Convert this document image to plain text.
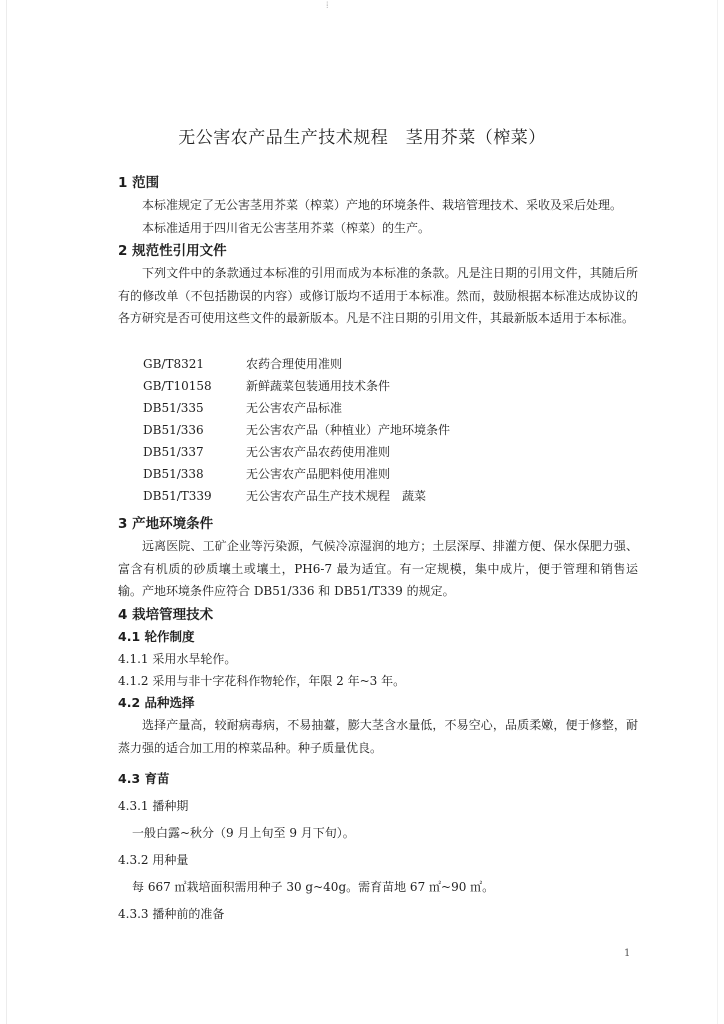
⁞
无公害农产品生产技术规程　茎用芥菜（榨菜）
1 范围

本标准规定了无公害茎用芥菜（榨菜）产地的环境条件、栽培管理技术、采收及采后处理。

本标准适用于四川省无公害茎用芥菜（榨菜）的生产。

2 规范性引用文件

下列文件中的条款通过本标准的引用而成为本标准的条款。凡是注日期的引用文件，其随后所有的修改单（不包括勘误的内容）或修订版均不适用于本标准。然而，鼓励根据本标准达成协议的各方研究是否可使用这些文件的最新版本。凡是不注日期的引用文件，其最新版本适用于本标准。

GB/T8321	农药合理使用准则
GB/T10158	新鲜蔬菜包装通用技术条件
DB51/335	无公害农产品标准
DB51/336	无公害农产品（种植业）产地环境条件
DB51/337	无公害农产品农药使用准则
DB51/338	无公害农产品肥料使用准则
DB51/T339	无公害农产品生产技术规程　蔬菜
3 产地环境条件

远离医院、工矿企业等污染源，气候冷凉湿润的地方；土层深厚、排灌方便、保水保肥力强、富含有机质的砂质壤土或壤土，PH6-7 最为适宜。有一定规模，集中成片，便于管理和销售运输。产地环境条件应符合 DB51/336 和 DB51/T339 的规定。

4 栽培管理技术
4.1 轮作制度
4.1.1 采用水旱轮作。
4.1.2 采用与非十字花科作物轮作，年限 2 年~3 年。
4.2 品种选择

选择产量高，较耐病毒病，不易抽薹，膨大茎含水量低，不易空心，品质柔嫩，便于修整，耐蒸力强的适合加工用的榨菜品种。种子质量优良。

4.3 育苗
4.3.1 播种期
一般白露~秋分（9 月上旬至 9 月下旬）。
4.3.2 用种量
每 667 ㎡栽培面积需用种子 30 g~40g。需育苗地 67 ㎡~90 ㎡。
4.3.3 播种前的准备
1
